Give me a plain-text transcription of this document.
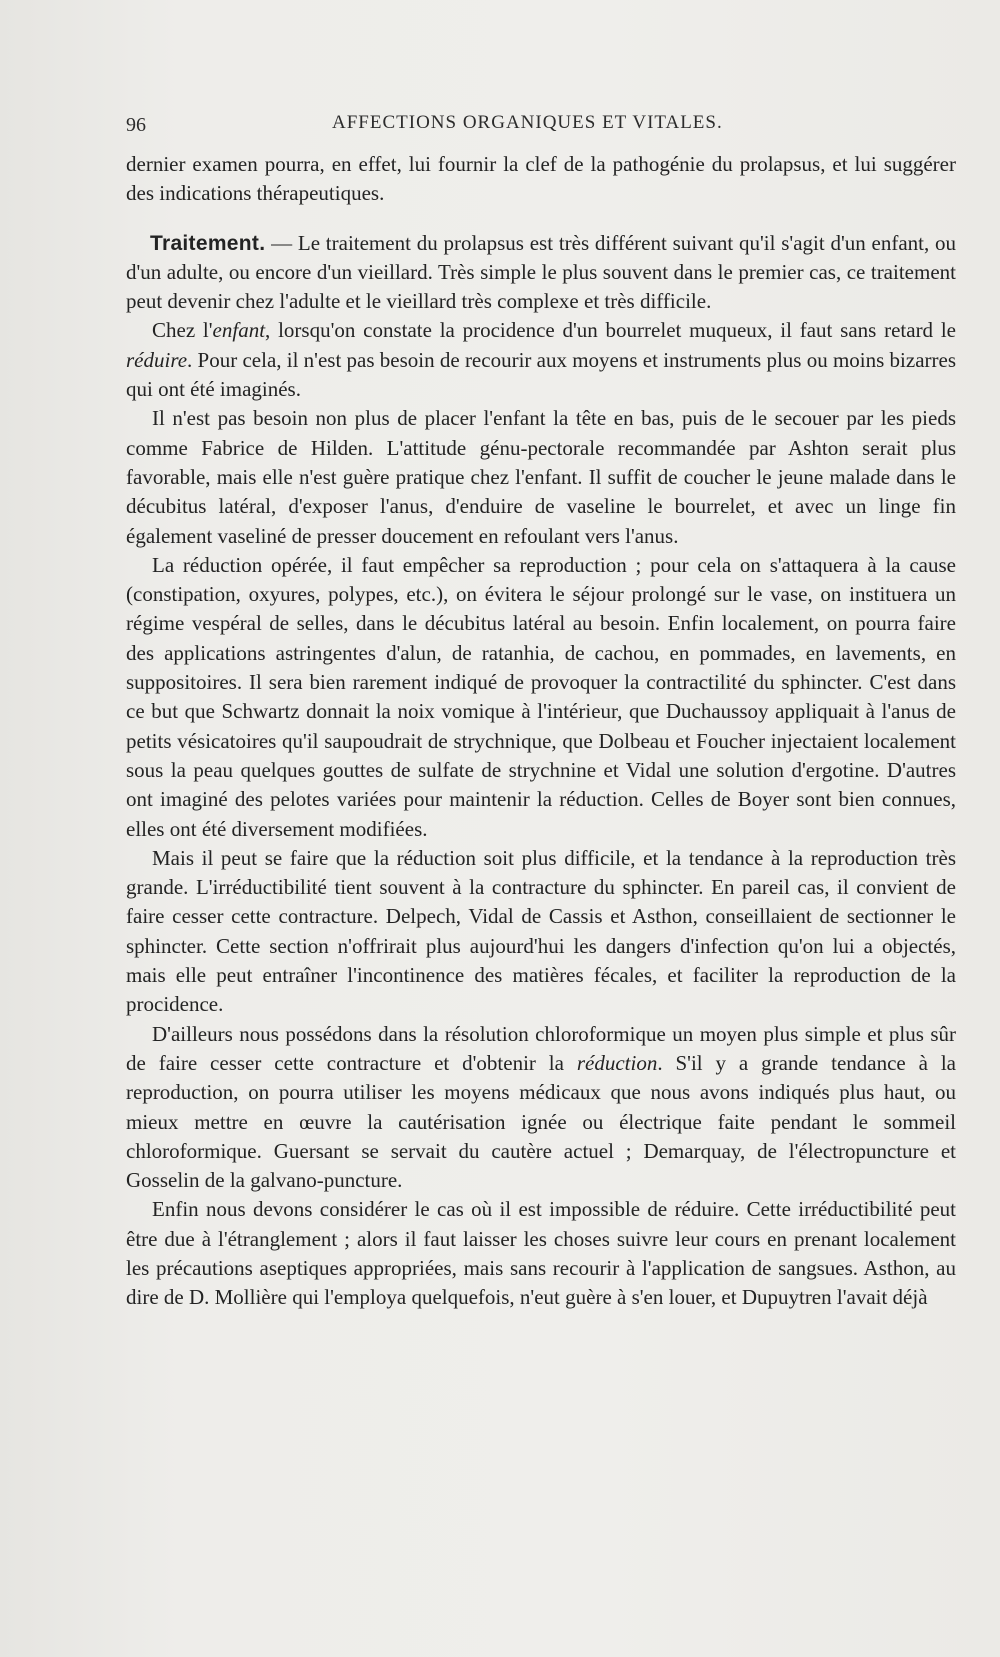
96	AFFECTIONS ORGANIQUES ET VITALES.

dernier examen pourra, en effet, lui fournir la clef de la pathogénie du prolapsus, et lui suggérer des indications thérapeutiques.

Traitement. — Le traitement du prolapsus est très différent suivant qu'il s'agit d'un enfant, ou d'un adulte, ou encore d'un vieillard. Très simple le plus souvent dans le premier cas, ce traitement peut devenir chez l'adulte et le vieillard très complexe et très difficile.

Chez l'enfant, lorsqu'on constate la procidence d'un bourrelet muqueux, il faut sans retard le réduire. Pour cela, il n'est pas besoin de recourir aux moyens et instruments plus ou moins bizarres qui ont été imaginés.

Il n'est pas besoin non plus de placer l'enfant la tête en bas, puis de le secouer par les pieds comme Fabrice de Hilden. L'attitude génu-pectorale recommandée par Ashton serait plus favorable, mais elle n'est guère pratique chez l'enfant. Il suffit de coucher le jeune malade dans le décubitus latéral, d'exposer l'anus, d'enduire de vaseline le bourrelet, et avec un linge fin également vaseliné de presser doucement en refoulant vers l'anus.

La réduction opérée, il faut empêcher sa reproduction ; pour cela on s'attaquera à la cause (constipation, oxyures, polypes, etc.), on évitera le séjour prolongé sur le vase, on instituera un régime vespéral de selles, dans le décubitus latéral au besoin. Enfin localement, on pourra faire des applications astringentes d'alun, de ratanhia, de cachou, en pommades, en lavements, en suppositoires. Il sera bien rarement indiqué de provoquer la contractilité du sphincter. C'est dans ce but que Schwartz donnait la noix vomique à l'intérieur, que Duchaussoy appliquait à l'anus de petits vésicatoires qu'il saupoudrait de strychnique, que Dolbeau et Foucher injectaient localement sous la peau quelques gouttes de sulfate de strychnine et Vidal une solution d'ergotine. D'autres ont imaginé des pelotes variées pour maintenir la réduction. Celles de Boyer sont bien connues, elles ont été diversement modifiées.

Mais il peut se faire que la réduction soit plus difficile, et la tendance à la reproduction très grande. L'irréductibilité tient souvent à la contracture du sphincter. En pareil cas, il convient de faire cesser cette contracture. Delpech, Vidal de Cassis et Asthon, conseillaient de sectionner le sphincter. Cette section n'offrirait plus aujourd'hui les dangers d'infection qu'on lui a objectés, mais elle peut entraîner l'incontinence des matières fécales, et faciliter la reproduction de la procidence.

D'ailleurs nous possédons dans la résolution chloroformique un moyen plus simple et plus sûr de faire cesser cette contracture et d'obtenir la réduction. S'il y a grande tendance à la reproduction, on pourra utiliser les moyens médicaux que nous avons indiqués plus haut, ou mieux mettre en œuvre la cautérisation ignée ou électrique faite pendant le sommeil chloroformique. Guersant se servait du cautère actuel ; Demarquay, de l'électropuncture et Gosselin de la galvano-puncture.

Enfin nous devons considérer le cas où il est impossible de réduire. Cette irréductibilité peut être due à l'étranglement ; alors il faut laisser les choses suivre leur cours en prenant localement les précautions aseptiques appropriées, mais sans recourir à l'application de sangsues. Asthon, au dire de D. Mollière qui l'employa quelquefois, n'eut guère à s'en louer, et Dupuytren l'avait déjà
